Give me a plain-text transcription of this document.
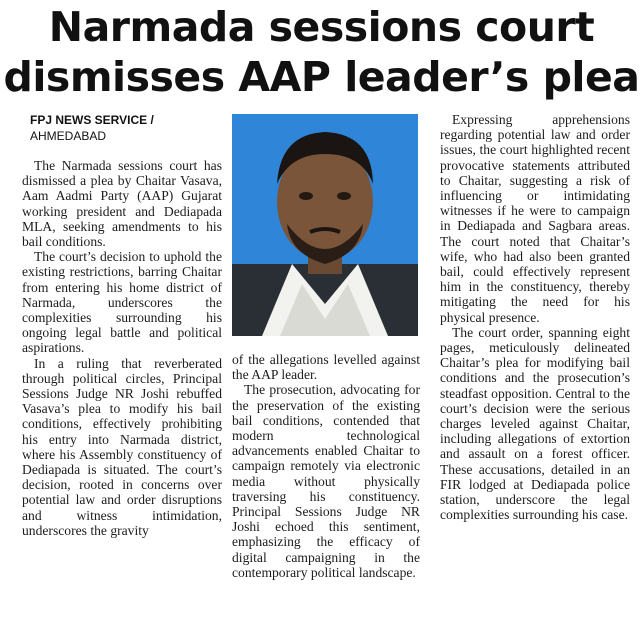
Narmada sessions court
dismisses AAP leader’s plea
FPJ NEWS SERVICE /
AHMEDABAD

The Narmada sessions court has dismissed a plea by Chaitar Vasava, Aam Aadmi Party (AAP) Gujarat working president and Dediapada MLA, seeking amendments to his bail conditions.

The court’s decision to uphold the existing restrictions, barring Chaitar from entering his home district of Narmada, underscores the complexities surrounding his ongoing legal battle and political aspirations.

In a ruling that reverberated through political circles, Principal Sessions Judge NR Joshi rebuffed Vasava’s plea to modify his bail conditions, effectively prohibiting his entry into Narmada district, where his Assembly constituency of Dediapada is situated. The court’s decision, rooted in concerns over potential law and order disruptions and witness intimidation, underscores the gravity

of the allegations levelled against the AAP leader.

The prosecution, advocating for the preservation of the existing bail conditions, contended that modern technological advancements enabled Chaitar to campaign remotely via electronic media without physically traversing his constituency. Principal Sessions Judge NR Joshi echoed this sentiment, emphasizing the efficacy of digital campaigning in the contemporary political landscape.

Expressing apprehensions regarding potential law and order issues, the court highlighted recent provocative statements attributed to Chaitar, suggesting a risk of influencing or intimidating witnesses if he were to campaign in Dediapada and Sagbara areas. The court noted that Chaitar’s wife, who had also been granted bail, could effectively represent him in the constituency, thereby mitigating the need for his physical presence.

The court order, spanning eight pages, meticulously delineated Chaitar’s plea for modifying bail conditions and the prosecution’s steadfast opposition. Central to the court’s decision were the serious charges leveled against Chaitar, including allegations of extortion and assault on a forest officer. These accusations, detailed in an FIR lodged at Dediapada police station, underscore the legal complexities surrounding his case.
